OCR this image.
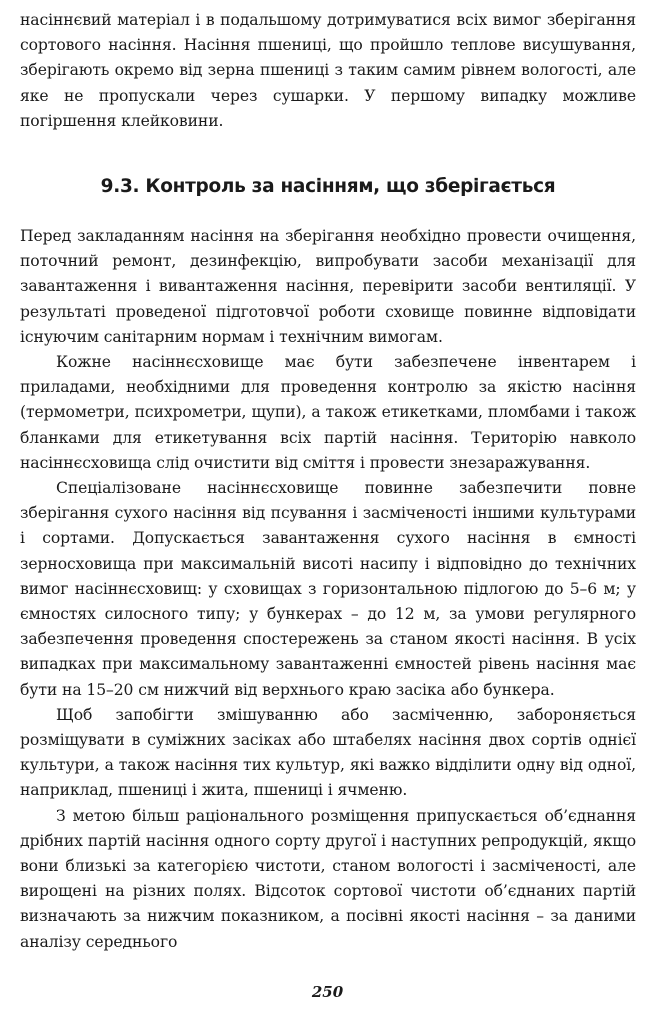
насіннєвий матеріал і в подальшому дотримуватися всіх вимог зберігання сортового насіння. Насіння пшениці, що пройшло теплове висушування, зберігають окремо від зерна пшениці з таким самим рівнем вологості, але яке не пропускали через сушарки. У першому випадку можливе погіршення клейковини.

9.3. Контроль за насінням, що зберігається

Перед закладанням насіння на зберігання необхідно провести очищення, поточний ремонт, дезинфекцію, випробувати засоби механізації для завантаження і вивантаження насіння, перевірити засоби вентиляції. У результаті проведеної підготовчої роботи сховище повинне відповідати існуючим санітарним нормам і технічним вимогам.

Кожне насіннєсховище має бути забезпечене інвентарем і приладами, необхідними для проведення контролю за якістю насіння (термометри, психрометри, щупи), а також етикетками, пломбами і також бланками для етикетування всіх партій насіння. Територію навколо насіннєсховища слід очистити від сміття і провести знезаражування.

Спеціалізоване насіннєсховище повинне забезпечити повне зберігання сухого насіння від псування і засміченості іншими культурами і сортами. Допускається завантаження сухого насіння в ємності зерносховища при максимальній висоті насипу і відповідно до технічних вимог насіннєсховищ: у сховищах з горизонтальною підлогою до 5–6 м; у ємностях силосного типу; у бункерах – до 12 м, за умови регулярного забезпечення проведення спостережень за станом якості насіння. В усіх випадках при максимальному завантаженні ємностей рівень насіння має бути на 15–20 см нижчий від верхнього краю засіка або бункера.

Щоб запобігти змішуванню або засміченню, забороняється розміщувати в суміжних засіках або штабелях насіння двох сортів однієї культури, а також насіння тих культур, які важко відділити одну від одної, наприклад, пшениці і жита, пшениці і ячменю.

З метою більш раціонального розміщення припускається об’єднання дрібних партій насіння одного сорту другої і наступних репродукцій, якщо вони близькі за категорією чистоти, станом вологості і засміченості, але вирощені на різних полях. Відсоток сортової чистоти об’єднаних партій визначають за нижчим показником, а посівні якості насіння – за даними аналізу середнього

250
